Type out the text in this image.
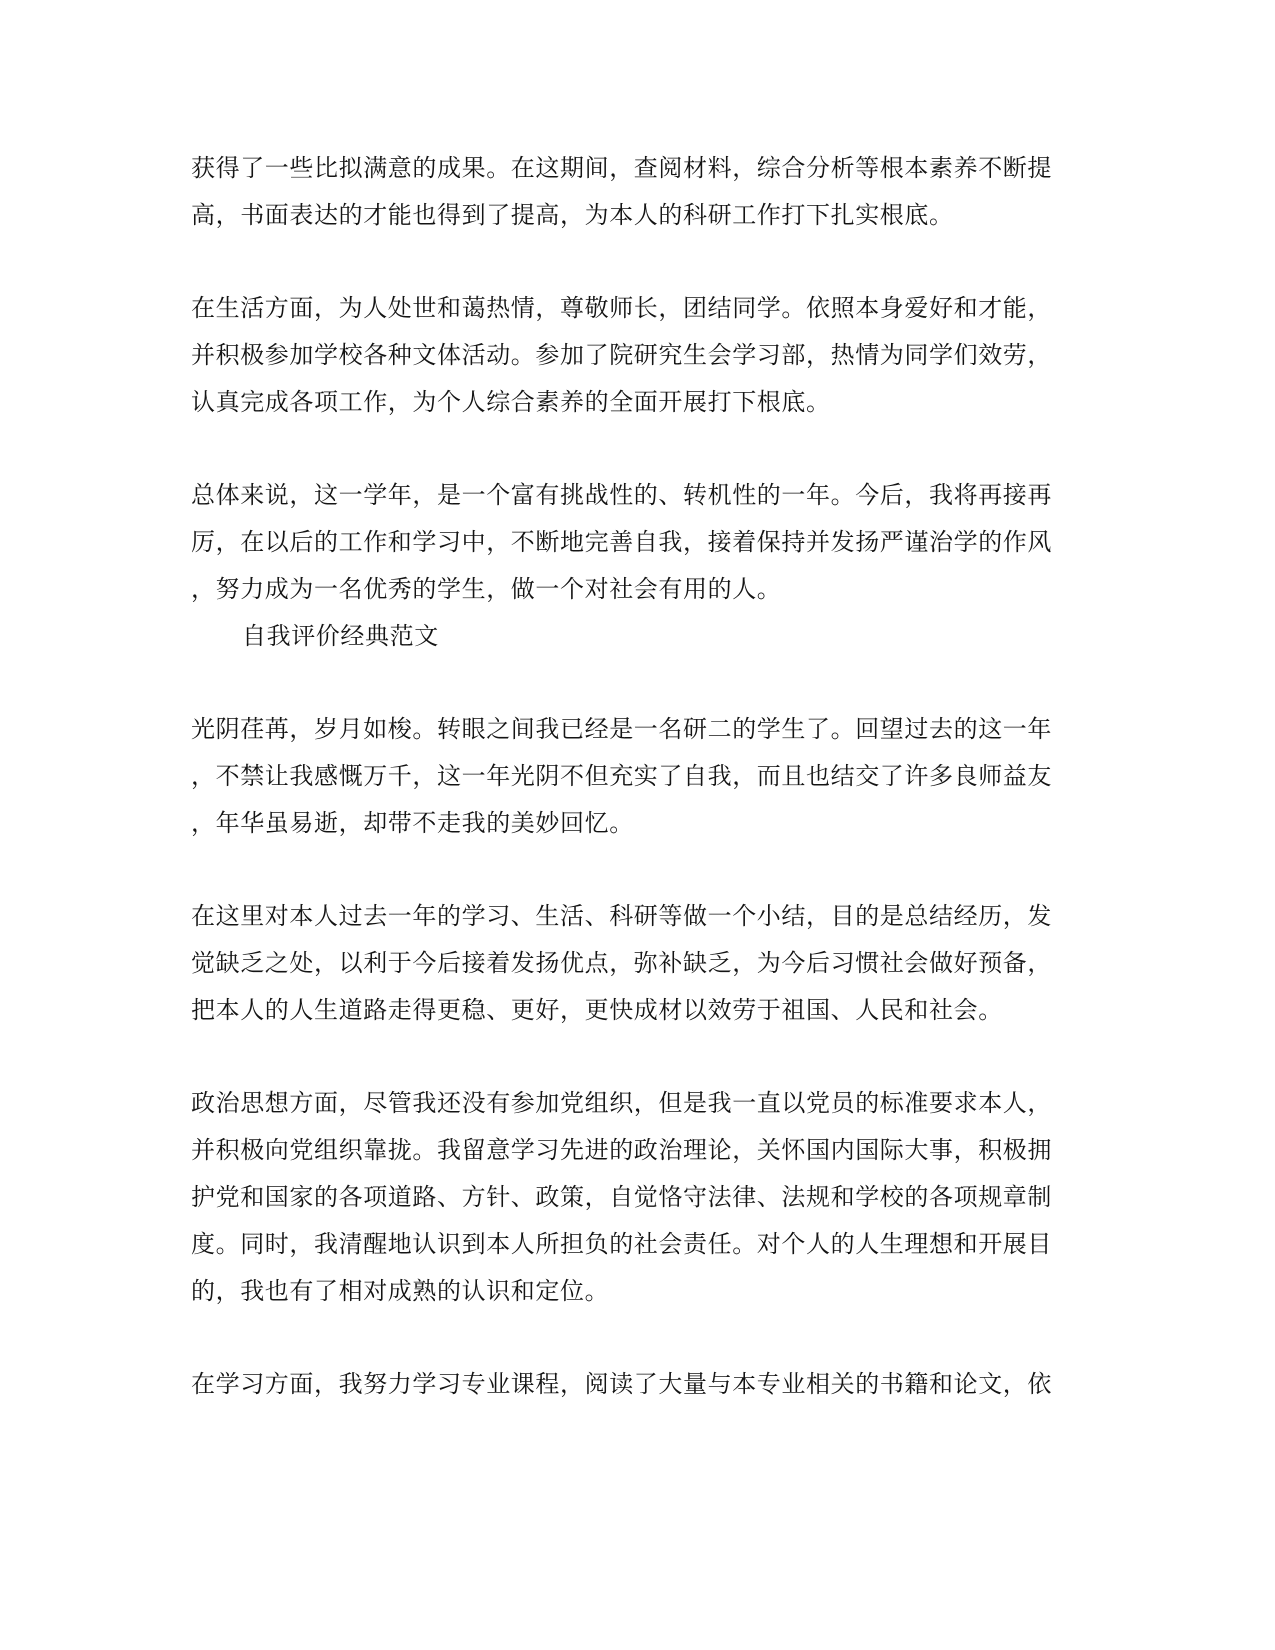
获得了一些比拟满意的成果。在这期间，查阅材料，综合分析等根本素养不断提
高，书面表达的才能也得到了提高，为本人的科研工作打下扎实根底。
在生活方面，为人处世和蔼热情，尊敬师长，团结同学。依照本身爱好和才能，
并积极参加学校各种文体活动。参加了院研究生会学习部，热情为同学们效劳，
认真完成各项工作，为个人综合素养的全面开展打下根底。
总体来说，这一学年，是一个富有挑战性的、转机性的一年。今后，我将再接再
厉，在以后的工作和学习中，不断地完善自我，接着保持并发扬严谨治学的作风
，努力成为一名优秀的学生，做一个对社会有用的人。
自我评价经典范文
光阴荏苒，岁月如梭。转眼之间我已经是一名研二的学生了。回望过去的这一年
，不禁让我感慨万千，这一年光阴不但充实了自我，而且也结交了许多良师益友
，年华虽易逝，却带不走我的美妙回忆。
在这里对本人过去一年的学习、生活、科研等做一个小结，目的是总结经历，发
觉缺乏之处，以利于今后接着发扬优点，弥补缺乏，为今后习惯社会做好预备，
把本人的人生道路走得更稳、更好，更快成材以效劳于祖国、人民和社会。
政治思想方面，尽管我还没有参加党组织，但是我一直以党员的标准要求本人，
并积极向党组织靠拢。我留意学习先进的政治理论，关怀国内国际大事，积极拥
护党和国家的各项道路、方针、政策，自觉恪守法律、法规和学校的各项规章制
度。同时，我清醒地认识到本人所担负的社会责任。对个人的人生理想和开展目
的，我也有了相对成熟的认识和定位。
在学习方面，我努力学习专业课程，阅读了大量与本专业相关的书籍和论文，依
